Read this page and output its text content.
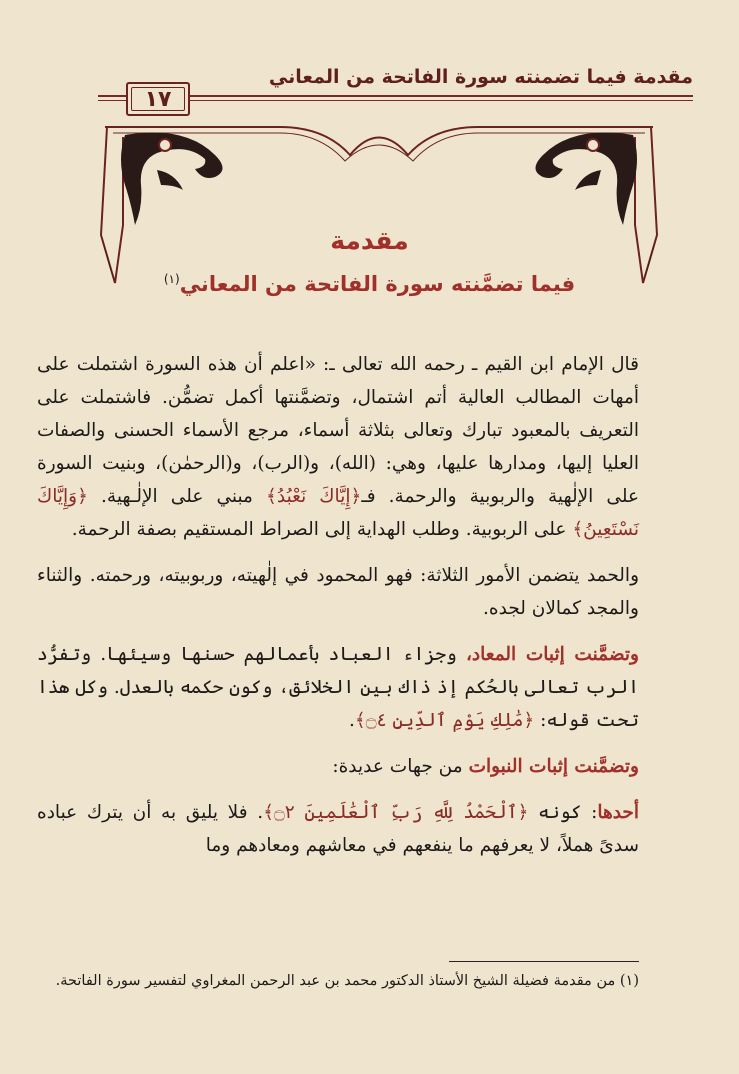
مقدمة فيما تضمنته سورة الفاتحة من المعاني
١٧
مقدمة
فيما تضمَّنته سورة الفاتحة من المعاني$^{(١)}$

قال الإمام ابن القيم ـ رحمه الله تعالى ـ: «اعلم أن هذه السورة اشتملت على أمهات المطالب العالية أتم اشتمال، وتضمَّنتها أكمل تضمُّن. فاشتملت على التعريف بالمعبود تبارك وتعالى بثلاثة أسماء، مرجع الأسماء الحسنى والصفات العليا إليها، ومدارها عليها، وهي: (الله)، و(الرب)، و(الرحمٰن)، وبنيت السورة على الإلٰهية والربوبية والرحمة. فـ﴿إِيَّاكَ نَعْبُدُ﴾ مبني على الإلٰـهية. ﴿وَإِيَّاكَ نَسْتَعِينُ﴾ على الربوبية. وطلب الهداية إلى الصراط المستقيم بصفة الرحمة.

والحمد يتضمن الأمور الثلاثة: فهو المحمود في إلٰهيته، وربوبيته، ورحمته. والثناء والمجد كمالان لجده.

وتضمَّنت إثبات المعاد، وجزاء العباد بأعمالهم حسنها وسيئها. وتفرُّد الرب تعالى بالحُكم إذ ذاك بين الخلائق، وكون حكمه بالعدل. وكل هذا تحت قوله: ﴿مَٰلِكِ يَوْمِ ٱلدِّينِ ۝٤﴾.

وتضمَّنت إثبات النبوات من جهات عديدة:

أحدها: كونه ﴿ٱلْحَمْدُ لِلَّهِ رَبِّ ٱلْعَٰلَمِينَ ۝٢﴾. فلا يليق به أن يترك عباده سدىً هملاً، لا يعرفهم ما ينفعهم في معاشهم ومعادهم وما

(١) من مقدمة فضيلة الشيخ الأستاذ الدكتور محمد بن عبد الرحمن المغراوي لتفسير سورة الفاتحة.
